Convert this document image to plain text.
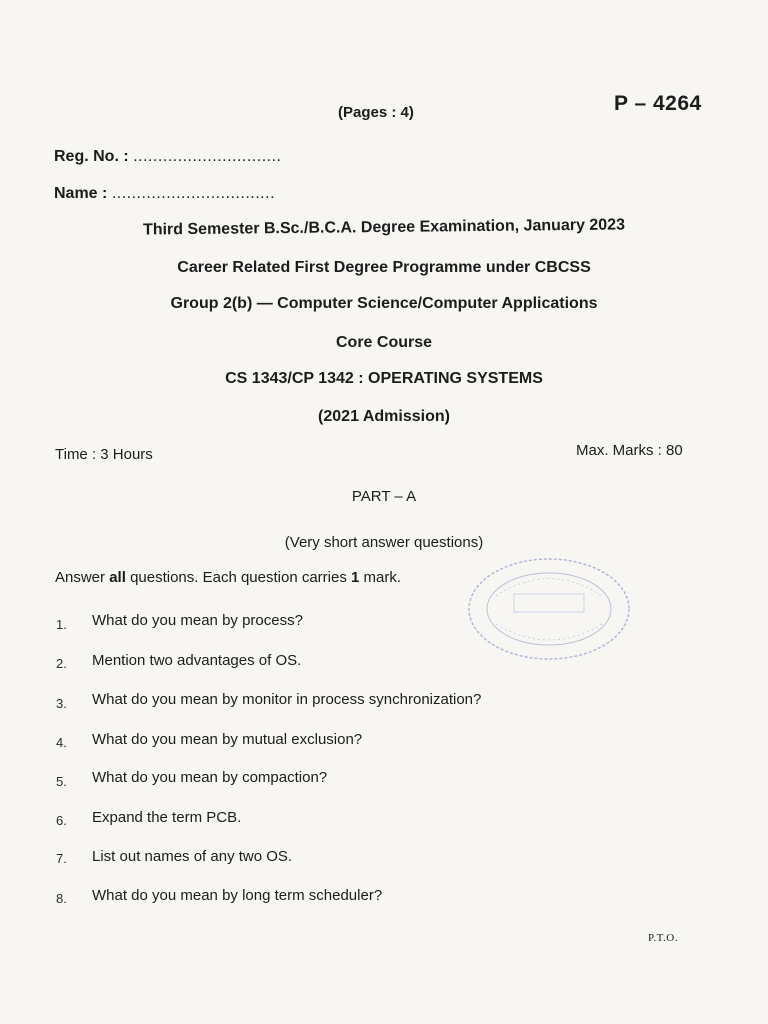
(Pages : 4)	P – 4264
Reg. No. : ..............................
Name : .................................
Third Semester B.Sc./B.C.A. Degree Examination, January 2023
Career Related First Degree Programme under CBCSS
Group 2(b) — Computer Science/Computer Applications
Core Course
CS 1343/CP 1342 : OPERATING SYSTEMS
(2021 Admission)
Time : 3 Hours	Max. Marks : 80
PART – A
(Very short answer questions)
Answer all questions. Each question carries 1 mark.
1. What do you mean by process?
2. Mention two advantages of OS.
3. What do you mean by monitor in process synchronization?
4. What do you mean by mutual exclusion?
5. What do you mean by compaction?
6. Expand the term PCB.
7. List out names of any two OS.
8. What do you mean by long term scheduler?
P.T.O.
